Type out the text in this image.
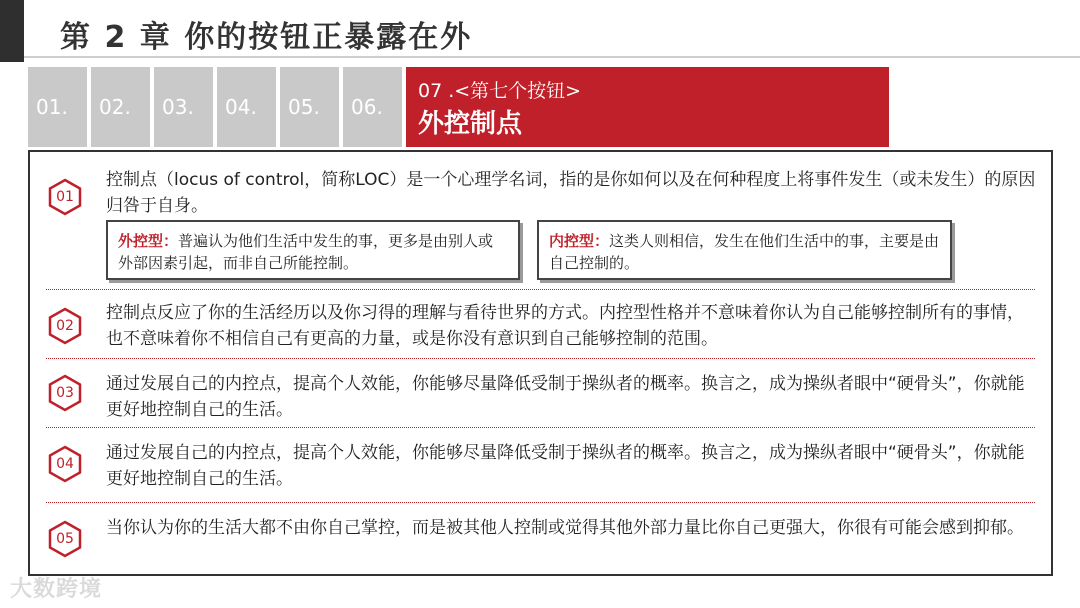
第 2 章 你的按钮正暴露在外
01.	02.	03.	04.	05.	06.
07 .<第七个按钮>
外控制点
01
控制点（locus of control，简称LOC）是一个心理学名词，指的是你如何以及在何种程度上将事件发生（或未发生）的原因归咎于自身。
外控型：普遍认为他们生活中发生的事，更多是由别人或外部因素引起，而非自己所能控制。
内控型：这类人则相信，发生在他们生活中的事，主要是由自己控制的。
02
控制点反应了你的生活经历以及你习得的理解与看待世界的方式。内控型性格并不意味着你认为自己能够控制所有的事情，也不意味着你不相信自己有更高的力量，或是你没有意识到自己能够控制的范围。
03	通过发展自己的内控点，提高个人效能，你能够尽量降低受制于操纵者的概率。换言之，成为操纵者眼中“硬骨头”，你就能更好地控制自己的生活。
04
通过发展自己的内控点，提高个人效能，你能够尽量降低受制于操纵者的概率。换言之，成为操纵者眼中“硬骨头”，你就能更好地控制自己的生活。
05
当你认为你的生活大都不由你自己掌控，而是被其他人控制或觉得其他外部力量比你自己更强大，你很有可能会感到抑郁。
大数跨境
